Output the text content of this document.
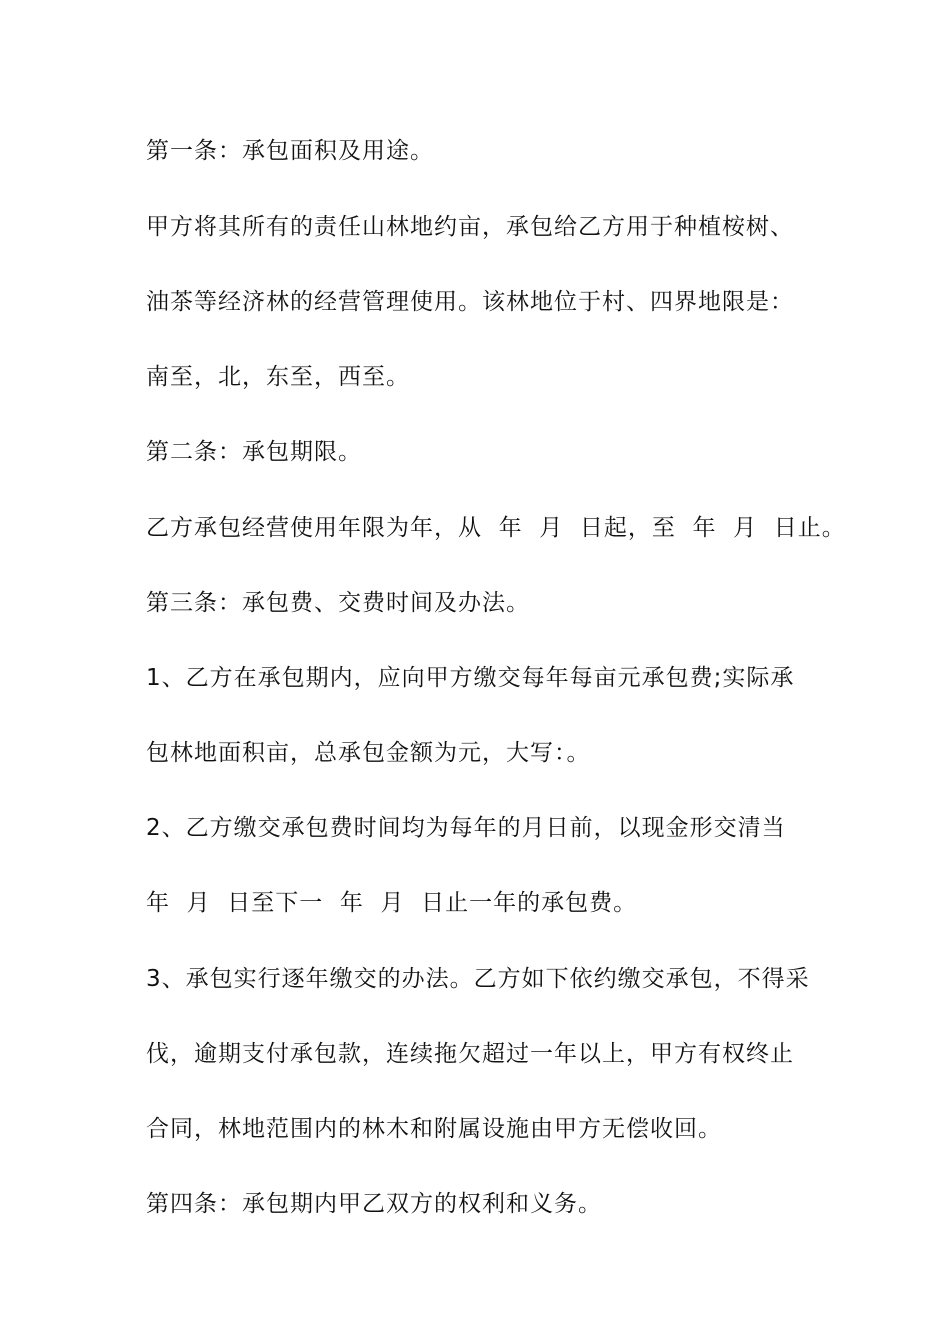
第一条：承包面积及用途。
甲方将其所有的责任山林地约亩，承包给乙方用于种植桉树、
油茶等经济林的经营管理使用。该林地位于村、四界地限是：
南至，北，东至，西至。
第二条：承包期限。
乙方承包经营使用年限为年，从  年  月  日起，至  年  月  日止。
第三条：承包费、交费时间及办法。
1、乙方在承包期内，应向甲方缴交每年每亩元承包费;实际承
包林地面积亩，总承包金额为元，大写：。
2、乙方缴交承包费时间均为每年的月日前，以现金形交清当
年  月  日至下一  年  月  日止一年的承包费。
3、承包实行逐年缴交的办法。乙方如下依约缴交承包，不得采
伐，逾期支付承包款，连续拖欠超过一年以上，甲方有权终止
合同，林地范围内的林木和附属设施由甲方无偿收回。
第四条：承包期内甲乙双方的权利和义务。
